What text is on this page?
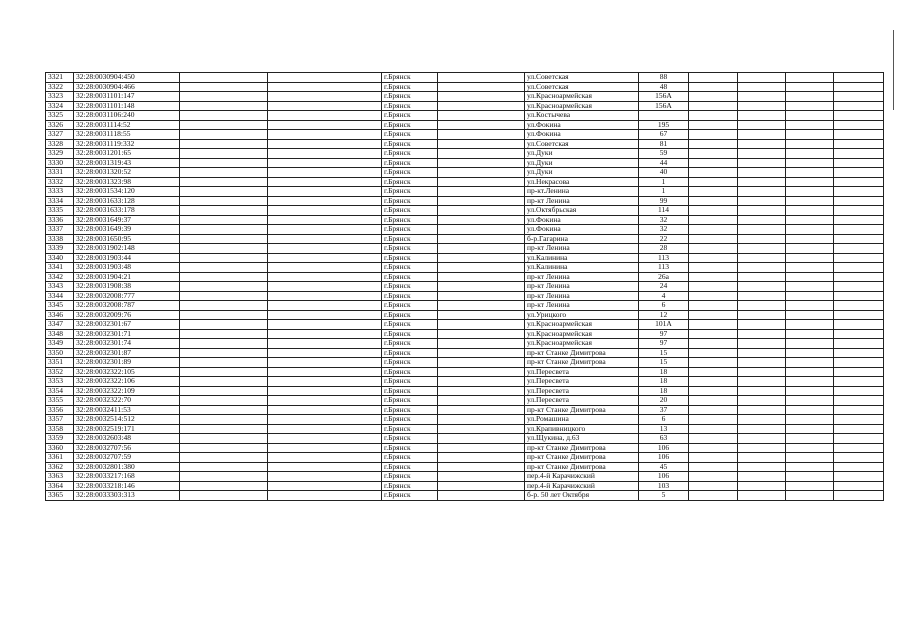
3321	32:28:0030904:450			г.Брянск		ул.Советская	88				
3322	32:28:0030904:466			г.Брянск		ул.Советская	48				
3323	32:28:0031101:147			г.Брянск		ул.Красноармейская	156А				
3324	32:28:0031101:148			г.Брянск		ул.Красноармейская	156А				
3325	32:28:0031106:240			г.Брянск		ул.Костычева					
3326	32:28:0031114:52			г.Брянск		ул.Фокина	195				
3327	32:28:0031118:55			г.Брянск		ул.Фокина	67				
3328	32:28:0031119:332			г.Брянск		ул.Советская	81				
3329	32:28:0031201:65			г.Брянск		ул.Дуки	59				
3330	32:28:0031319:43			г.Брянск		ул.Дуки	44				
3331	32:28:0031320:52			г.Брянск		ул.Дуки	40				
3332	32:28:0031323:98			г.Брянск		ул.Некрасова	1				
3333	32:28:0031534:120			г.Брянск		пр-кт.Ленина	1				
3334	32:28:0031633:128			г.Брянск		пр-кт Ленина	99				
3335	32:28:0031633:178			г.Брянск		ул.Октябрьская	114				
3336	32:28:0031649:37			г.Брянск		ул.Фокина	32				
3337	32:28:0031649:39			г.Брянск		ул.Фокина	32				
3338	32:28:0031650:95			г.Брянск		б-р.Гагарина	22				
3339	32:28:0031902:148			г.Брянск		пр-кт Ленина	28				
3340	32:28:0031903:44			г.Брянск		ул.Калинина	113				
3341	32:28:0031903:48			г.Брянск		ул.Калинина	113				
3342	32:28:0031904:21			г.Брянск		пр-кт Ленина	26а				
3343	32:28:0031908:38			г.Брянск		пр-кт Ленина	24				
3344	32:28:0032008:777			г.Брянск		пр-кт Ленина	4				
3345	32:28:0032008:787			г.Брянск		пр-кт Ленина	6				
3346	32:28:0032009:76			г.Брянск		ул.Урицкого	12				
3347	32:28:0032301:67			г.Брянск		ул.Красноармейская	101А				
3348	32:28:0032301:71			г.Брянск		ул.Красноармейская	97				
3349	32:28:0032301:74			г.Брянск		ул.Красноармейская	97				
3350	32:28:0032301:87			г.Брянск		пр-кт Станке Димитрова	15				
3351	32:28:0032301:89			г.Брянск		пр-кт Станке Димитрова	15				
3352	32:28:0032322:105			г.Брянск		ул.Пересвета	18				
3353	32:28:0032322:106			г.Брянск		ул.Пересвета	18				
3354	32:28:0032322:109			г.Брянск		ул.Пересвета	18				
3355	32:28:0032322:70			г.Брянск		ул.Пересвета	20				
3356	32:28:0032411:53			г.Брянск		пр-кт Станке Димитрова	37				
3357	32:28:0032514:512			г.Брянск		ул.Ромашина	6				
3358	32:28:0032519:171			г.Брянск		ул.Крапивницкого	13				
3359	32:28:0032603:48			г.Брянск		ул.Щукина, д.63	63				
3360	32:28:0032707:56			г.Брянск		пр-кт Станке Димитрова	106				
3361	32:28:0032707:59			г.Брянск		пр-кт Станке Димитрова	106				
3362	32:28:0032801:380			г.Брянск		пр-кт Станке Димитрова	45				
3363	32:28:0033217:168			г.Брянск		пер.4-й Карачижский	106				
3364	32:28:0033218:146			г.Брянск		пер.4-й Карачижский	103				
3365	32:28:0033303:313			г.Брянск		б-р. 50 лет Октября	5				
